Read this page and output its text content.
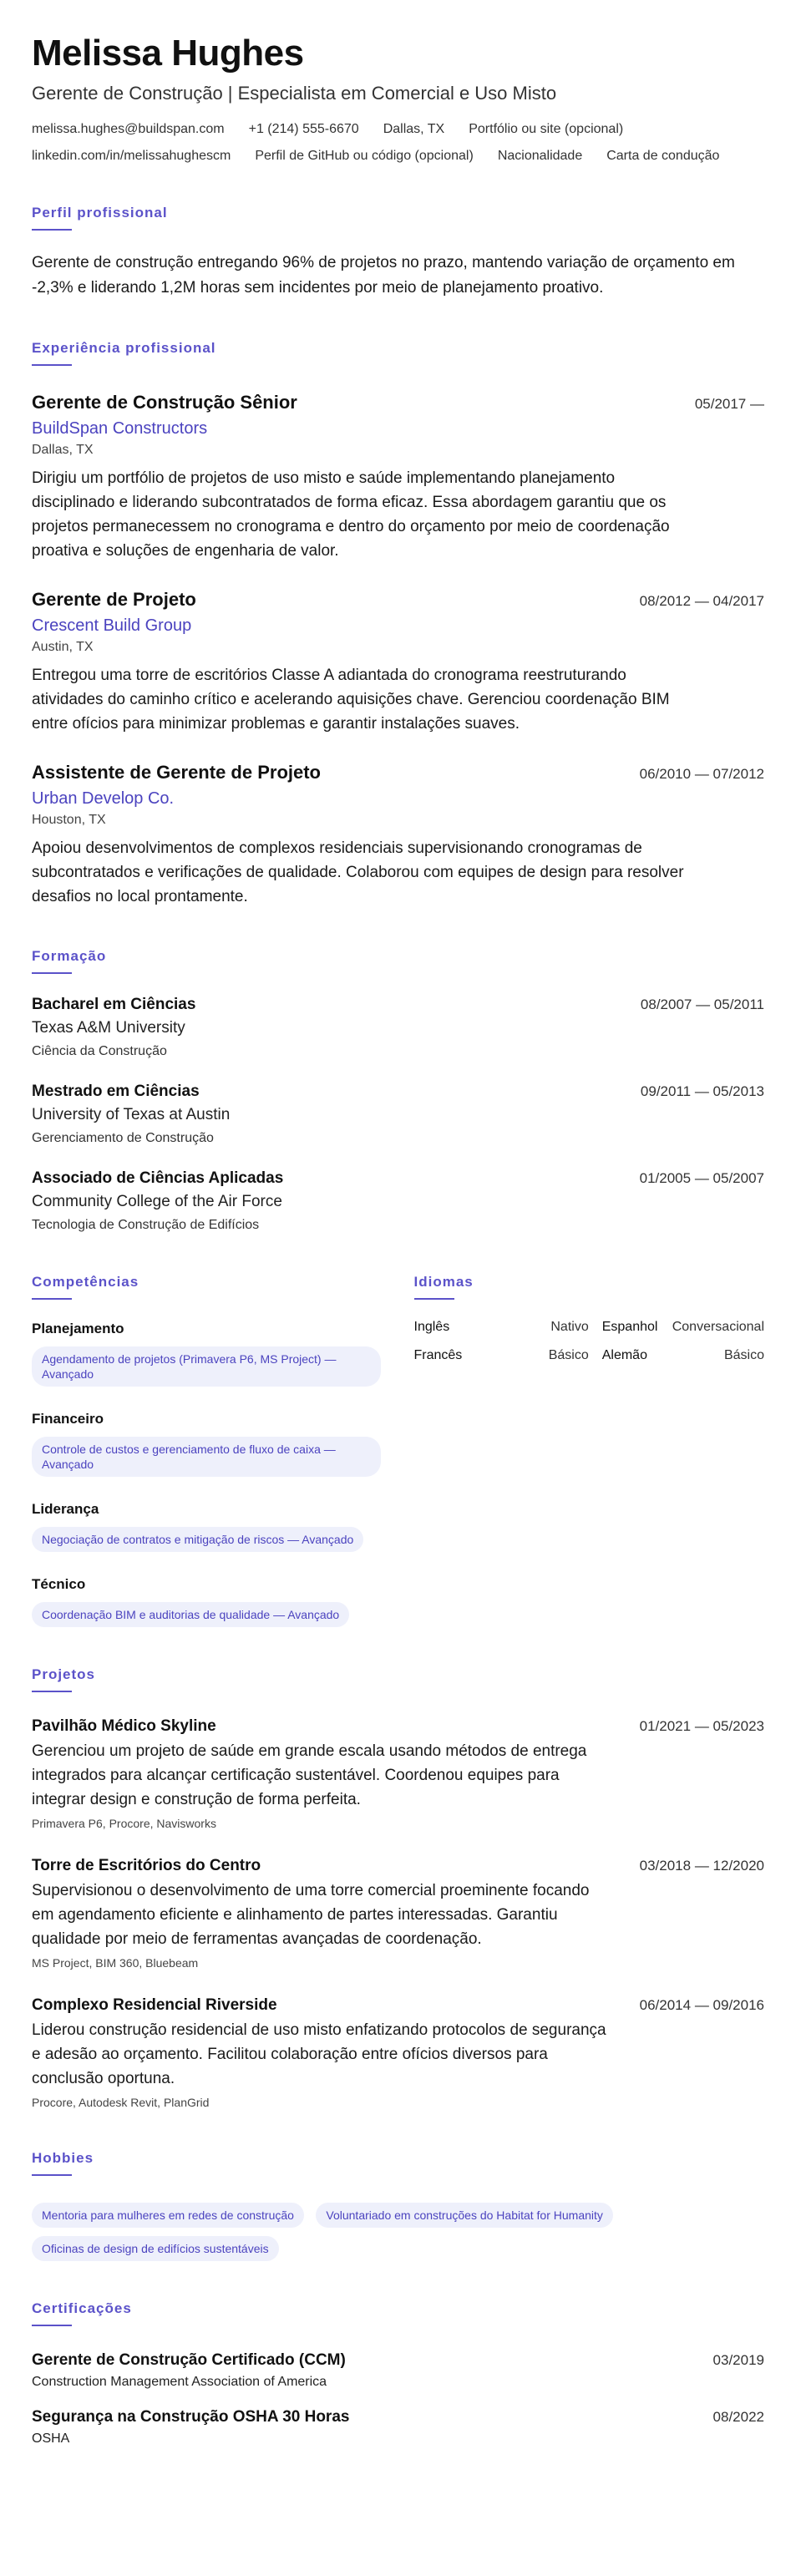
Melissa Hughes
Gerente de Construção | Especialista em Comercial e Uso Misto
melissa.hughes@buildspan.com +1 (214) 555-6670 Dallas, TX Portfólio ou site (opcional)
linkedin.com/in/melissahughescm Perfil de GitHub ou código (opcional) Nacionalidade Carta de condução
Perfil profissional
Gerente de construção entregando 96% de projetos no prazo, mantendo variação de orçamento em -2,3% e liderando 1,2M horas sem incidentes por meio de planejamento proativo.
Experiência profissional
Gerente de Construção Sênior	05/2017 —
BuildSpan Constructors
Dallas, TX
Dirigiu um portfólio de projetos de uso misto e saúde implementando planejamento disciplinado e liderando subcontratados de forma eficaz. Essa abordagem garantiu que os projetos permanecessem no cronograma e dentro do orçamento por meio de coordenação proativa e soluções de engenharia de valor.
Gerente de Projeto	08/2012 — 04/2017
Crescent Build Group
Austin, TX
Entregou uma torre de escritórios Classe A adiantada do cronograma reestruturando atividades do caminho crítico e acelerando aquisições chave. Gerenciou coordenação BIM entre ofícios para minimizar problemas e garantir instalações suaves.
Assistente de Gerente de Projeto	06/2010 — 07/2012
Urban Develop Co.
Houston, TX
Apoiou desenvolvimentos de complexos residenciais supervisionando cronogramas de subcontratados e verificações de qualidade. Colaborou com equipes de design para resolver desafios no local prontamente.
Formação
Bacharel em Ciências	08/2007 — 05/2011
Texas A&M University
Ciência da Construção
Mestrado em Ciências	09/2011 — 05/2013
University of Texas at Austin
Gerenciamento de Construção
Associado de Ciências Aplicadas	01/2005 — 05/2007
Community College of the Air Force
Tecnologia de Construção de Edifícios
Competências
Planejamento
Agendamento de projetos (Primavera P6, MS Project) — Avançado
Financeiro
Controle de custos e gerenciamento de fluxo de caixa — Avançado
Liderança
Negociação de contratos e mitigação de riscos — Avançado
Técnico
Coordenação BIM e auditorias de qualidade — Avançado
Idiomas
Inglês	Nativo	Espanhol	Conversacional
Francês	Básico	Alemão	Básico
Projetos
Pavilhão Médico Skyline	01/2021 — 05/2023
Gerenciou um projeto de saúde em grande escala usando métodos de entrega integrados para alcançar certificação sustentável. Coordenou equipes para integrar design e construção de forma perfeita.
Primavera P6, Procore, Navisworks
Torre de Escritórios do Centro	03/2018 — 12/2020
Supervisionou o desenvolvimento de uma torre comercial proeminente focando em agendamento eficiente e alinhamento de partes interessadas. Garantiu qualidade por meio de ferramentas avançadas de coordenação.
MS Project, BIM 360, Bluebeam
Complexo Residencial Riverside	06/2014 — 09/2016
Liderou construção residencial de uso misto enfatizando protocolos de segurança e adesão ao orçamento. Facilitou colaboração entre ofícios diversos para conclusão oportuna.
Procore, Autodesk Revit, PlanGrid
Hobbies
Mentoria para mulheres em redes de construção	Voluntariado em construções do Habitat for Humanity Oficinas de design de edifícios sustentáveis
Certificações
Gerente de Construção Certificado (CCM)	03/2019
Construction Management Association of America
Segurança na Construção OSHA 30 Horas	08/2022
OSHA
